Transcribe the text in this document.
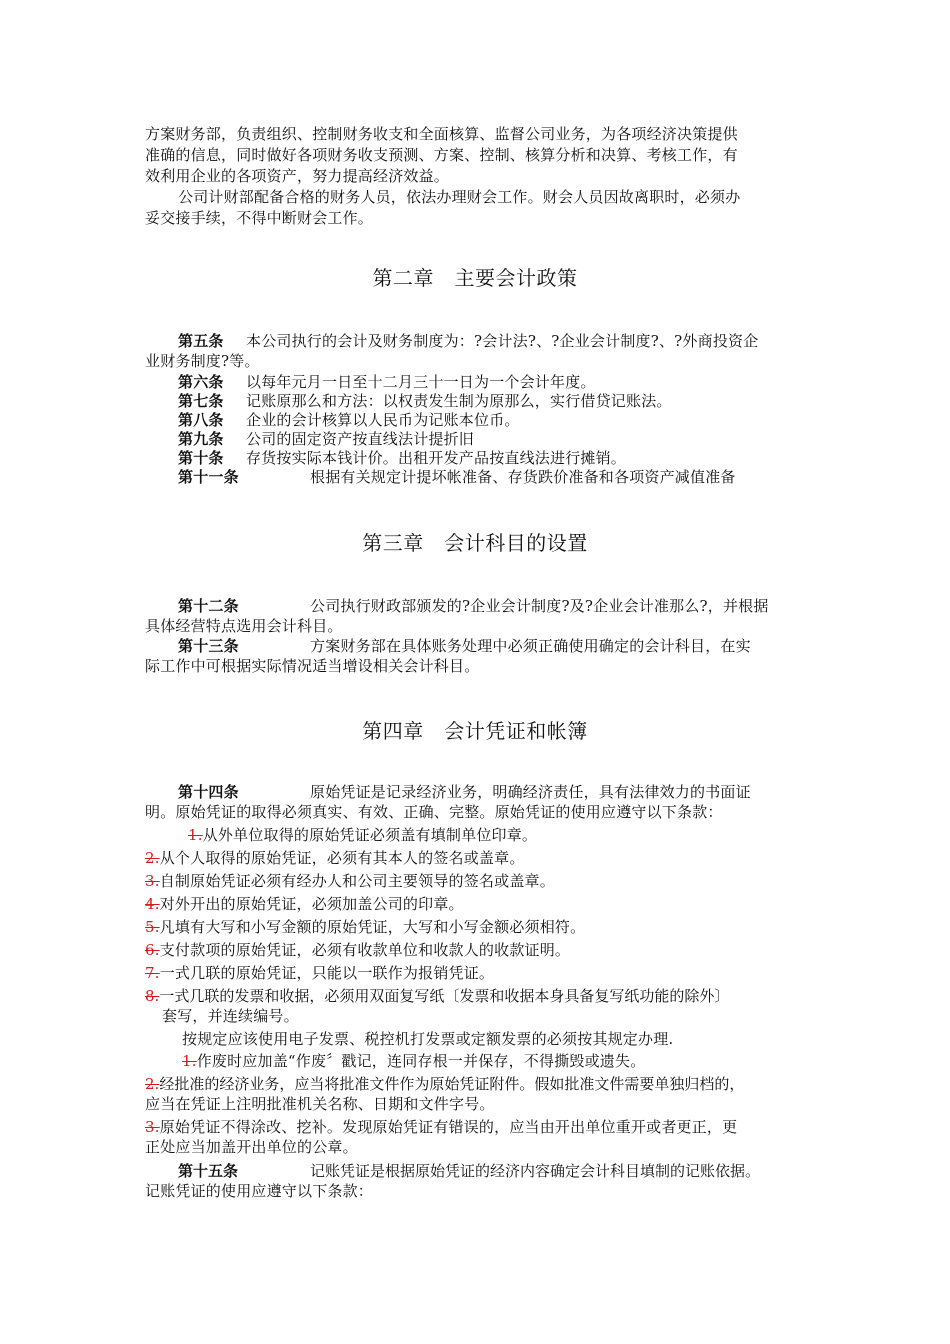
方案财务部，负责组织、控制财务收支和全面核算、监督公司业务，为各项经济决策提供
准确的信息，同时做好各项财务收支预测、方案、控制、核算分析和决算、考核工作，有
效利用企业的各项资产，努力提高经济效益。
公司计财部配备合格的财务人员，依法办理财会工作。财会人员因故离职时，必须办
妥交接手续，不得中断财会工作。
第二章　主要会计政策
第五条 本公司执行的会计及财务制度为：?会计法?、?企业会计制度?、?外商投资企
业财务制度?等。
第六条 以每年元月一日至十二月三十一日为一个会计年度。
第七条 记账原那么和方法：以权责发生制为原那么，实行借贷记账法。
第八条 企业的会计核算以人民币为记账本位币。
第九条 公司的固定资产按直线法计提折旧
第十条 存货按实际本钱计价。出租开发产品按直线法进行摊销。
第十一条	根据有关规定计提坏帐准备、存货跌价准备和各项资产减值准备
第三章　会计科目的设置
第十二条	公司执行财政部颁发的?企业会计制度?及?企业会计准那么?，并根据
具体经营特点选用会计科目。
第十三条	方案财务部在具体账务处理中必须正确使用确定的会计科目，在实
际工作中可根据实际情况适当增设相关会计科目。
第四章　会计凭证和帐簿
第十四条	原始凭证是记录经济业务，明确经济责任，具有法律效力的书面证
明。原始凭证的取得必须真实、有效、正确、完整。原始凭证的使用应遵守以下条款：
1.从外单位取得的原始凭证必须盖有填制单位印章。
2.从个人取得的原始凭证，必须有其本人的签名或盖章。
3.自制原始凭证必须有经办人和公司主要领导的签名或盖章。
4.对外开出的原始凭证，必须加盖公司的印章。
5.凡填有大写和小写金额的原始凭证，大写和小写金额必须相符。
6.支付款项的原始凭证，必须有收款单位和收款人的收款证明。
7.一式几联的原始凭证，只能以一联作为报销凭证。
8.一式几联的发票和收据，必须用双面复写纸〔发票和收据本身具备复写纸功能的除外〕
套写，并连续编号。
按规定应该使用电子发票、税控机打发票或定额发票的必须按其规定办理.
1.作废时应加盖“作废〞戳记，连同存根一并保存，不得撕毁或遗失。
2.经批准的经济业务，应当将批准文件作为原始凭证附件。假如批准文件需要单独归档的，
应当在凭证上注明批准机关名称、日期和文件字号。
3.原始凭证不得涂改、挖补。发现原始凭证有错误的，应当由开出单位重开或者更正，更
正处应当加盖开出单位的公章。
第十五条	记账凭证是根据原始凭证的经济内容确定会计科目填制的记账依据。
记账凭证的使用应遵守以下条款：
